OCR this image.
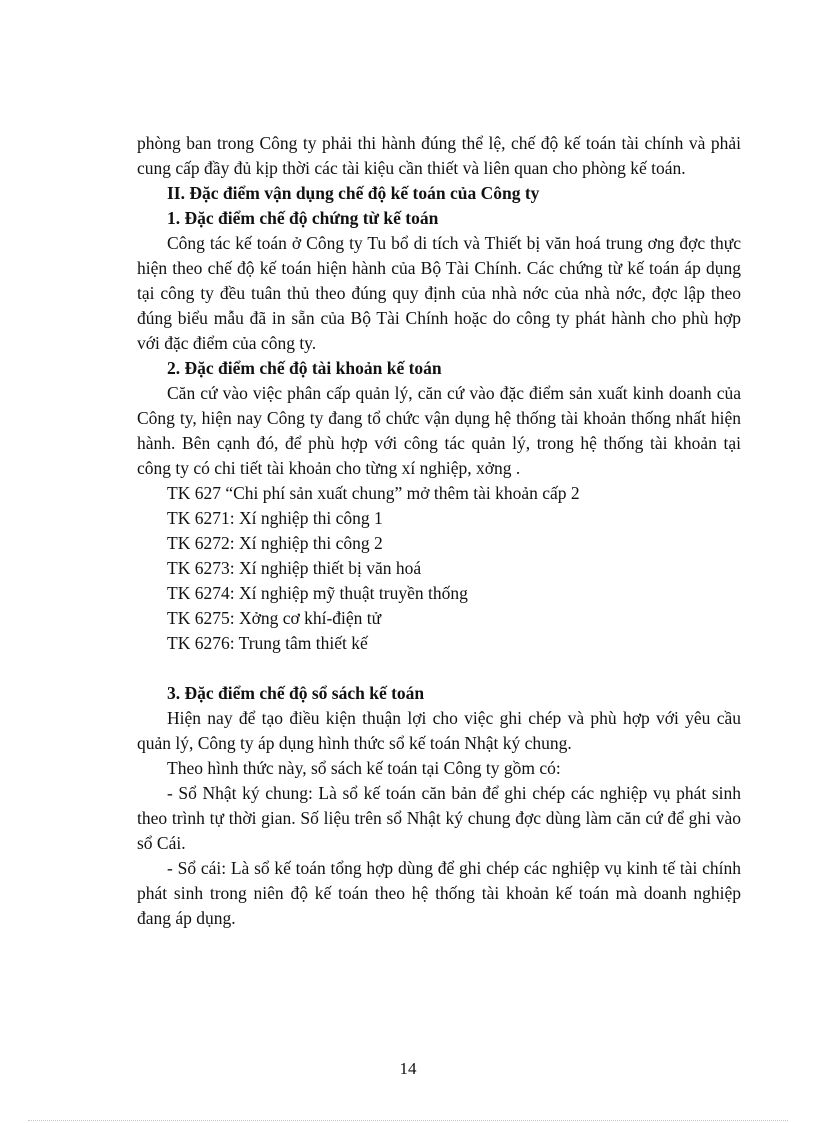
phòng ban trong Công ty phải thi hành đúng thể lệ, chế độ kế toán tài chính và phải cung cấp đầy đủ kịp thời các tài kiệu cần thiết và liên quan cho phòng kế toán.

II. Đặc điểm vận dụng chế độ kế toán của Công ty

1. Đặc điểm chế độ chứng từ kế toán

Công tác kế toán ở Công ty Tu bổ di tích và Thiết bị văn hoá trung ơng đợc thực hiện theo chế độ kế toán hiện hành của Bộ Tài Chính. Các chứng từ kế toán áp dụng tại công ty đều tuân thủ theo đúng quy định của nhà nớc của nhà nớc, đợc lập theo đúng biểu mẫu đã in sẵn của Bộ Tài Chính hoặc do công ty phát hành cho phù hợp với đặc điểm của công ty.

2. Đặc điểm chế độ tài khoản kế toán

Căn cứ vào việc phân cấp quản lý, căn cứ vào đặc điểm sản xuất kinh doanh của Công ty, hiện nay Công ty đang tổ chức vận dụng hệ thống tài khoản thống nhất hiện hành. Bên cạnh đó, để phù hợp với công tác quản lý, trong hệ thống tài khoản tại công ty có chi tiết tài khoản cho từng xí nghiệp, xởng .

TK 627 “Chi phí sản xuất chung” mở thêm tài khoản cấp 2

TK 6271: Xí nghiệp thi công 1

TK 6272: Xí nghiệp thi công 2

TK 6273: Xí nghiệp thiết bị văn hoá

TK 6274: Xí nghiệp mỹ thuật truyền thống

TK 6275: Xởng cơ khí-điện tử

TK 6276: Trung tâm thiết kế

3. Đặc điểm chế độ sổ sách kế toán

Hiện nay để tạo điều kiện thuận lợi cho việc ghi chép và phù hợp với yêu cầu quản lý, Công ty áp dụng hình thức sổ kế toán Nhật ký chung.

Theo hình thức này, sổ sách kế toán tại Công ty gồm có:

- Sổ Nhật ký chung: Là sổ kế toán căn bản để ghi chép các nghiệp vụ phát sinh theo trình tự thời gian. Số liệu trên sổ Nhật ký chung đợc dùng làm căn cứ để ghi vào sổ Cái.

- Sổ cái: Là sổ kế toán tổng hợp dùng để ghi chép các nghiệp vụ kinh tế tài chính phát sinh trong niên độ kế toán theo hệ thống tài khoản kế toán mà doanh nghiệp đang áp dụng.

14
